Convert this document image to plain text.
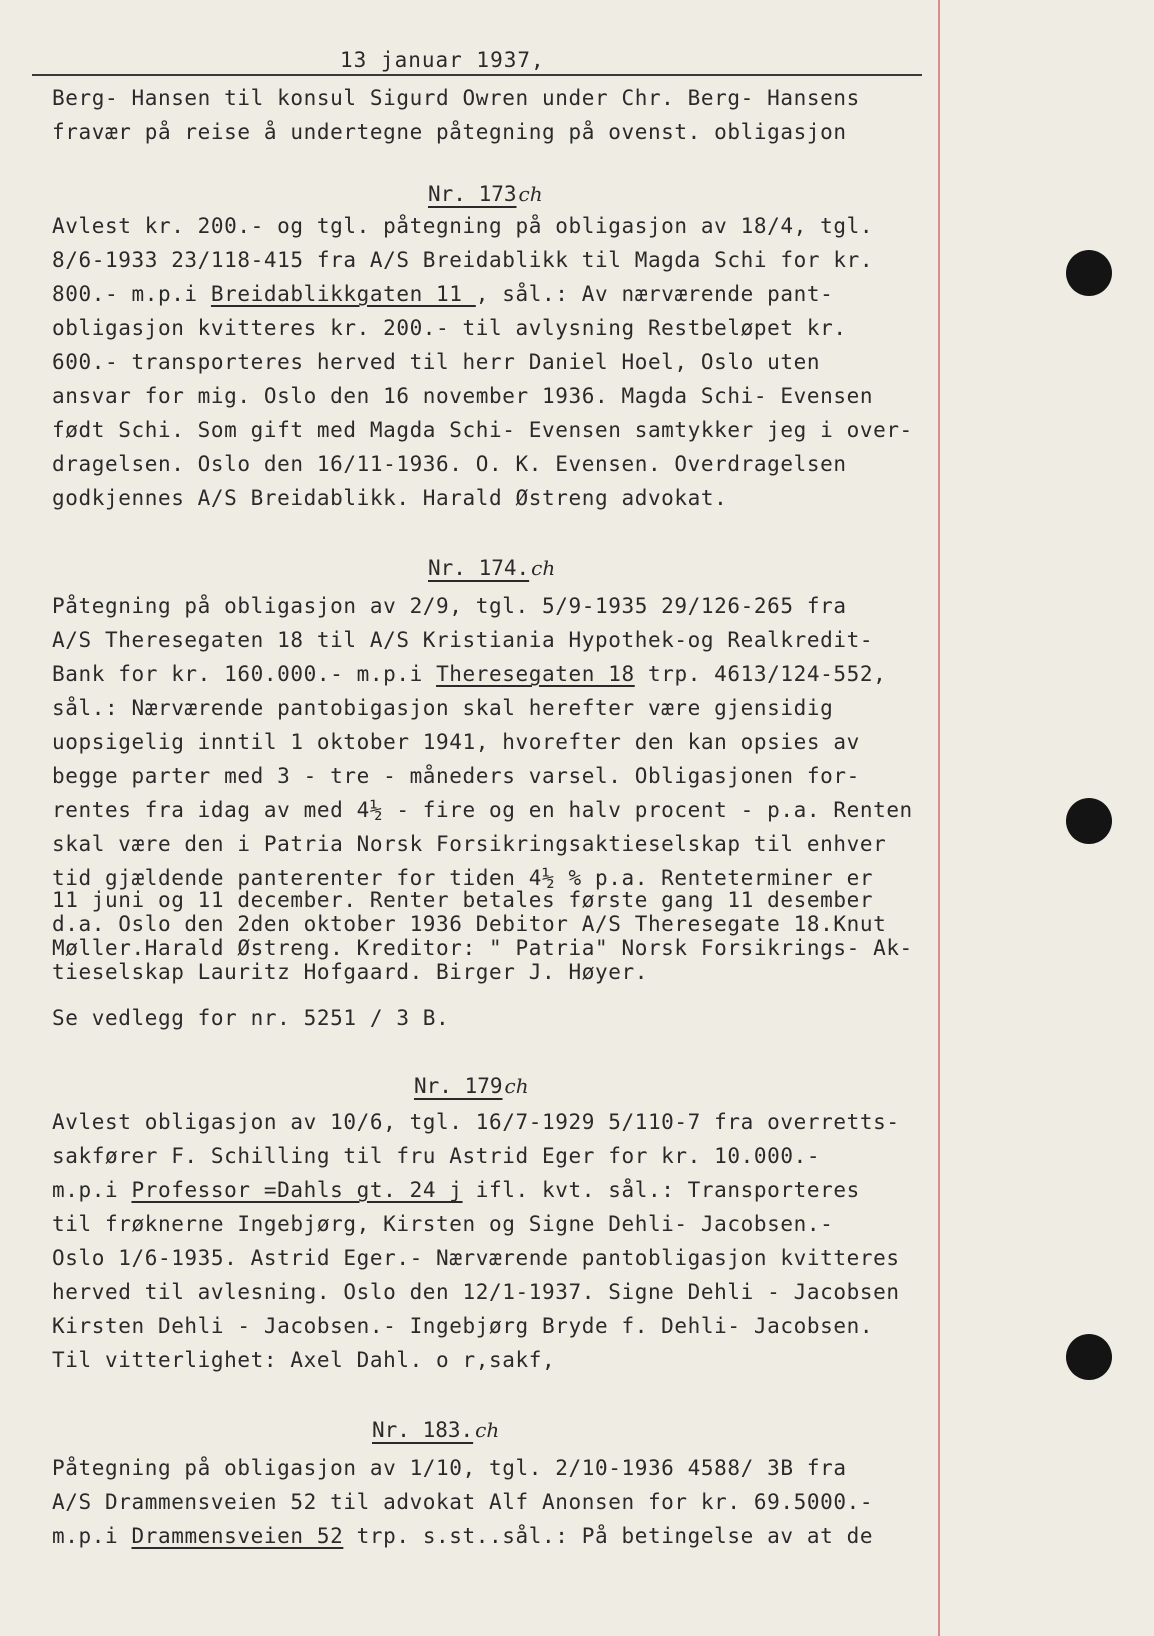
13 januar 1937,
Berg- Hansen til konsul Sigurd Owren under Chr. Berg- Hansens
fravær på reise å undertegne påtegning på ovenst. obligasjon
Nr. 173 ch
Avlest kr. 200.- og tgl. påtegning på obligasjon av 18/4, tgl.
8/6-1933 23/118-415 fra A/S Breidablikk til Magda Schi for kr.
800.- m.p.i Breidablikkgaten 11 , sål.: Av nærværende pant-
obligasjon kvitteres kr. 200.- til avlysning Restbeløpet kr.
600.- transporteres herved til herr Daniel Hoel, Oslo uten
ansvar for mig. Oslo den 16 november 1936. Magda Schi- Evensen
født Schi. Som gift med Magda Schi- Evensen samtykker jeg i over-
dragelsen. Oslo den 16/11-1936. O. K. Evensen. Overdragelsen
godkjennes A/S Breidablikk. Harald Østreng advokat.
Nr. 174. ch
Påtegning på obligasjon av 2/9, tgl. 5/9-1935 29/126-265 fra
A/S Theresegaten 18 til A/S Kristiania Hypothek-og Realkredit-
Bank for kr. 160.000.- m.p.i Theresegaten 18 trp. 4613/124-552,
sål.: Nærværende pantobigasjon skal herefter være gjensidig
uopsigelig inntil 1 oktober 1941, hvorefter den kan opsies av
begge parter med 3 - tre - måneders varsel. Obligasjonen for-
rentes fra idag av med 4½ - fire og en halv procent - p.a. Renten
skal være den i Patria Norsk Forsikringsaktieselskap til enhver
tid gjældende panterenter for tiden 4½ % p.a. Renteterminer er
11 juni og 11 december. Renter betales første gang 11 desember
d.a. Oslo den 2den oktober 1936 Debitor A/S Theresegate 18.Knut
Møller.Harald Østreng. Kreditor: " Patria" Norsk Forsikrings- Ak-
tieselskap Lauritz Hofgaard. Birger J. Høyer.
Se vedlegg for nr. 5251 / 3 B.
Nr. 179 ch
Avlest obligasjon av 10/6, tgl. 16/7-1929 5/110-7 fra overretts-
sakfører F. Schilling til fru Astrid Eger for kr. 10.000.-
m.p.i Professor =Dahls gt. 24 j ifl. kvt. sål.: Transporteres
til frøknerne Ingebjørg, Kirsten og Signe Dehli- Jacobsen.-
Oslo 1/6-1935. Astrid Eger.- Nærværende pantobligasjon kvitteres
herved til avlesning. Oslo den 12/1-1937. Signe Dehli - Jacobsen
Kirsten Dehli - Jacobsen.- Ingebjørg Bryde f. Dehli- Jacobsen.
Til vitterlighet: Axel Dahl. o r,sakf,
Nr. 183. ch
Påtegning på obligasjon av 1/10, tgl. 2/10-1936 4588/ 3B fra
A/S Drammensveien 52 til advokat Alf Anonsen for kr. 69.5000.-
m.p.i Drammensveien 52 trp. s.st..sål.: På betingelse av at de
